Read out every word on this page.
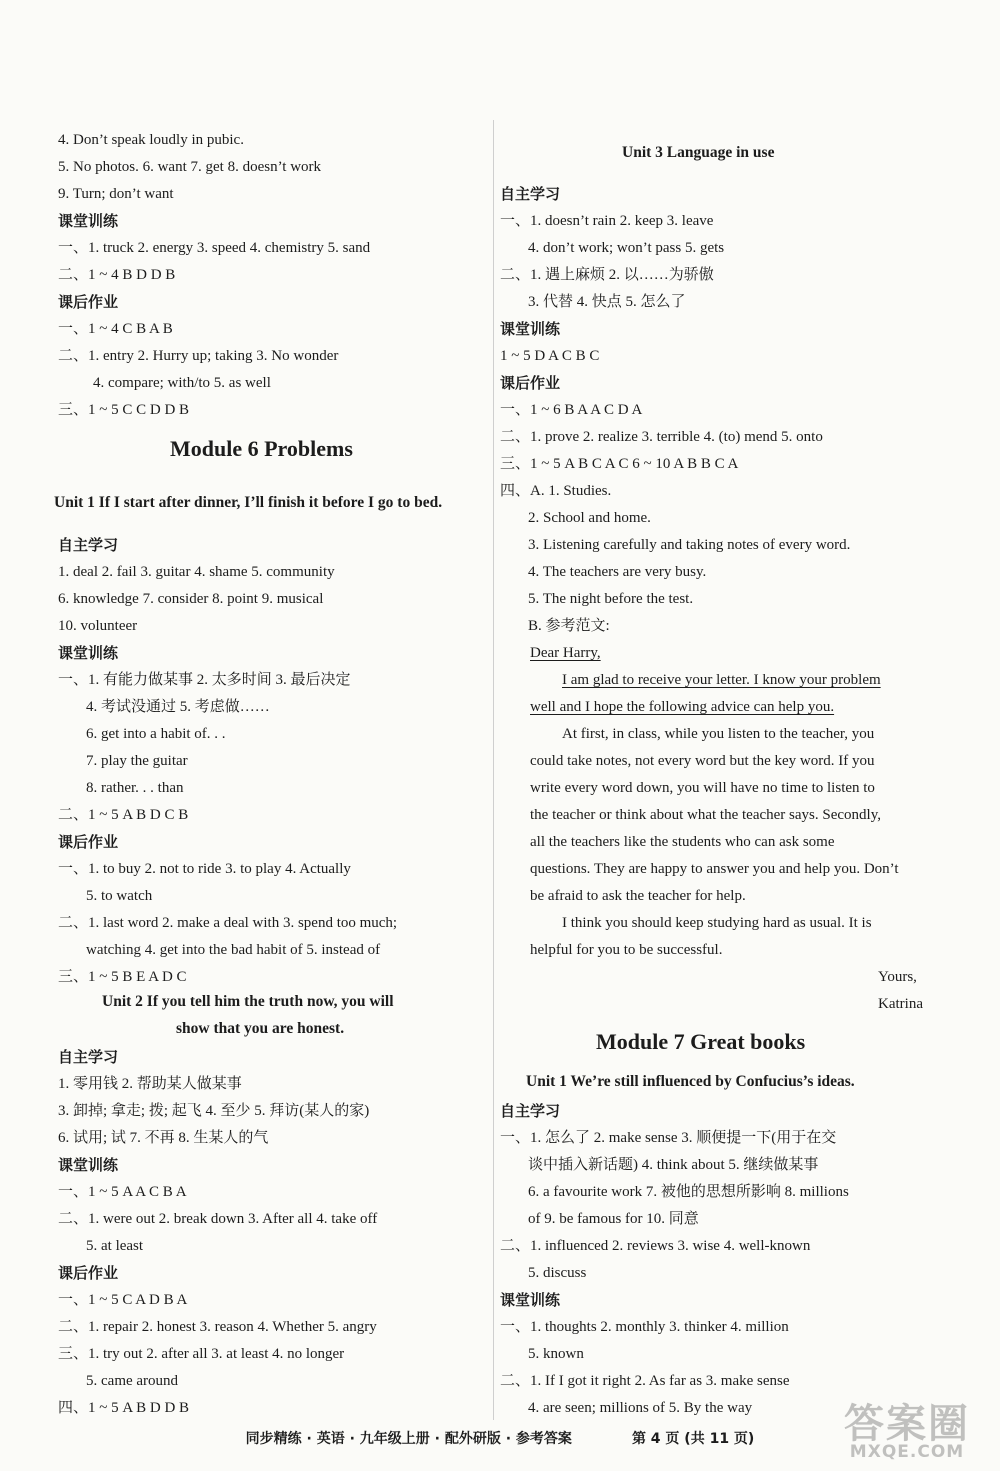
4. Don’t speak loudly in pubic.
5. No photos. 6. want 7. get 8. doesn’t work
9. Turn; don’t want
课堂训练
一、1. truck 2. energy 3. speed 4. chemistry 5. sand
二、1 ~ 4 B D D B
课后作业
一、1 ~ 4 C B A B
二、1. entry 2. Hurry up; taking 3. No wonder
4. compare; with/to 5. as well
三、1 ~ 5 C C D D B
Module 6 Problems
Unit 1 If I start after dinner, I’ll finish it before I go to bed.
自主学习
1. deal 2. fail 3. guitar 4. shame 5. community
6. knowledge 7. consider 8. point 9. musical
10. volunteer
课堂训练
一、1. 有能力做某事 2. 太多时间 3. 最后决定
4. 考试没通过 5. 考虑做……
6. get into a habit of. . .
7. play the guitar
8. rather. . . than
二、1 ~ 5 A B D C B
课后作业
一、1. to buy 2. not to ride 3. to play 4. Actually
5. to watch
二、1. last word 2. make a deal with 3. spend too much;
watching 4. get into the bad habit of 5. instead of
三、1 ~ 5 B E A D C
Unit 2 If you tell him the truth now, you will
show that you are honest.
自主学习
1. 零用钱 2. 帮助某人做某事
3. 卸掉; 拿走; 拨; 起飞 4. 至少 5. 拜访(某人的家)
6. 试用; 试 7. 不再 8. 生某人的气
课堂训练
一、1 ~ 5 A A C B A
二、1. were out 2. break down 3. After all 4. take off
5. at least
课后作业
一、1 ~ 5 C A D B A
二、1. repair 2. honest 3. reason 4. Whether 5. angry
三、1. try out 2. after all 3. at least 4. no longer
5. came around
四、1 ~ 5 A B D D B
Unit 3 Language in use
自主学习
一、1. doesn’t rain 2. keep 3. leave
4. don’t work; won’t pass 5. gets
二、1. 遇上麻烦 2. 以……为骄傲
3. 代替 4. 快点 5. 怎么了
课堂训练
1 ~ 5 D A C B C
课后作业
一、1 ~ 6 B A A C D A
二、1. prove 2. realize 3. terrible 4. (to) mend 5. onto
三、1 ~ 5 A B C A C 6 ~ 10 A B B C A
四、A. 1. Studies.
2. School and home.
3. Listening carefully and taking notes of every word.
4. The teachers are very busy.
5. The night before the test.
B. 参考范文:
Dear Harry,
I am glad to receive your letter. I know your problem
well and I hope the following advice can help you.
At first, in class, while you listen to the teacher, you
could take notes, not every word but the key word. If you
write every word down, you will have no time to listen to
the teacher or think about what the teacher says. Secondly,
all the teachers like the students who can ask some
questions. They are happy to answer you and help you. Don’t
be afraid to ask the teacher for help.
I think you should keep studying hard as usual. It is
helpful for you to be successful.
Yours,
Katrina
Module 7 Great books
Unit 1 We’re still influenced by Confucius’s ideas.
自主学习
一、1. 怎么了 2. make sense 3. 顺便提一下(用于在交
谈中插入新话题) 4. think about 5. 继续做某事
6. a favourite work 7. 被他的思想所影响 8. millions
of 9. be famous for 10. 同意
二、1. influenced 2. reviews 3. wise 4. well-known
5. discuss
课堂训练
一、1. thoughts 2. monthly 3. thinker 4. million
5. known
二、1. If I got it right 2. As far as 3. make sense
4. are seen; millions of 5. By the way	答案圈
MXQE.COM
同步精练 · 英语 · 九年级上册 · 配外研版 · 参考答案	第 4 页 (共 11 页)
